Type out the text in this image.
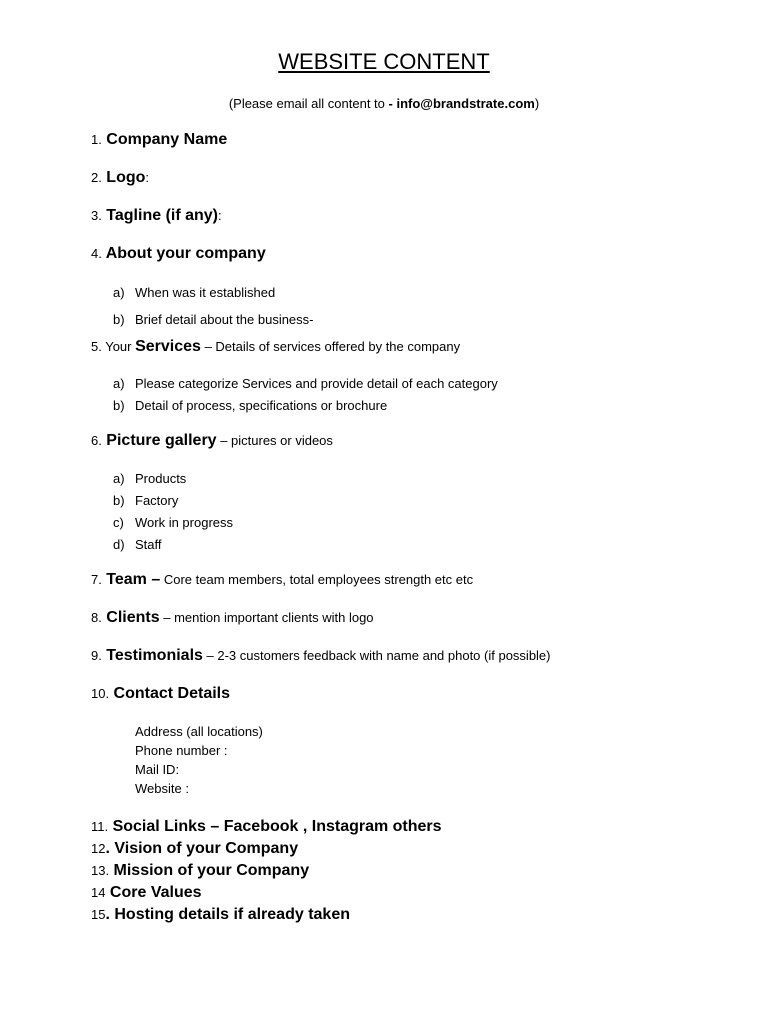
WEBSITE CONTENT
(Please email all content to - info@brandstrate.com)
1. Company Name
2. Logo:
3. Tagline (if any):
4. About your company
a) When was it established
b) Brief detail about the business-
5. Your Services – Details of services offered by the company
a) Please categorize Services and provide detail of each category
b) Detail of process, specifications or brochure
6. Picture gallery – pictures or videos
a) Products
b) Factory
c) Work in progress
d) Staff
7. Team – Core team members, total employees strength etc etc
8. Clients – mention important clients with logo
9. Testimonials – 2-3 customers feedback with name and photo (if possible)
10. Contact Details
Address (all locations)
Phone number :
Mail ID:
Website :
11. Social Links – Facebook , Instagram others
12. Vision of your Company
13. Mission of your Company
14 Core Values
15. Hosting details if already taken
